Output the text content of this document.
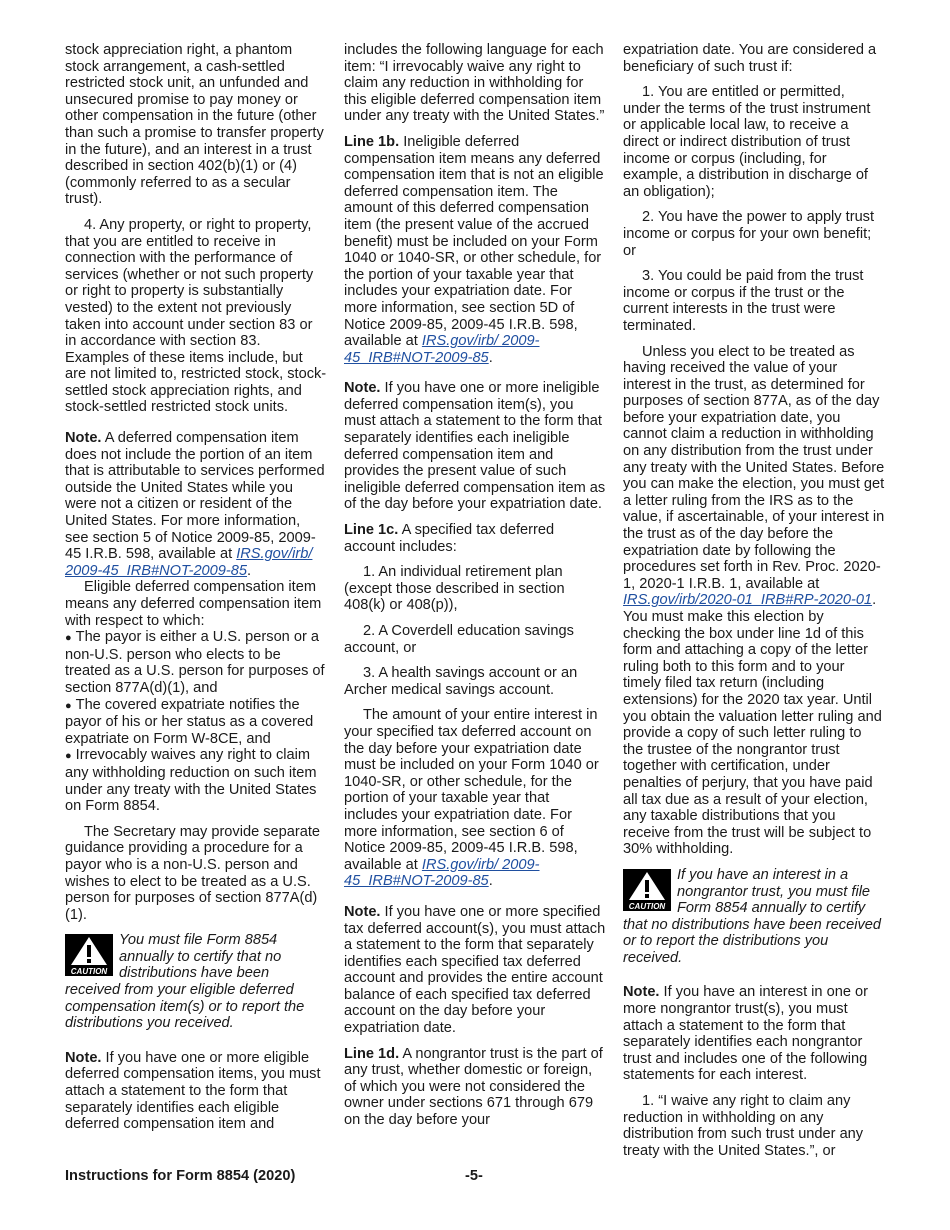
stock appreciation right, a phantom stock arrangement, a cash-settled restricted stock unit, an unfunded and unsecured promise to pay money or other compensation in the future (other than such a promise to transfer property in the future), and an interest in a trust described in section 402(b)(1) or (4) (commonly referred to as a secular trust).

4. Any property, or right to property, that you are entitled to receive in connection with the performance of services (whether or not such property or right to property is substantially vested) to the extent not previously taken into account under section 83 or in accordance with section 83. Examples of these items include, but are not limited to, restricted stock, stock-settled stock appreciation rights, and stock-settled restricted stock units.

Note. A deferred compensation item does not include the portion of an item that is attributable to services performed outside the United States while you were not a citizen or resident of the United States. For more information, see section 5 of Notice 2009-85, 2009-45 I.R.B. 598, available at IRS.gov/irb/ 2009-45_IRB#NOT-2009-85.

Eligible deferred compensation item means any deferred compensation item with respect to which:

● The payor is either a U.S. person or a non-U.S. person who elects to be treated as a U.S. person for purposes of section 877A(d)(1), and

● The covered expatriate notifies the payor of his or her status as a covered expatriate on Form W-8CE, and

● Irrevocably waives any right to claim any withholding reduction on such item under any treaty with the United States on Form 8854.

The Secretary may provide separate guidance providing a procedure for a payor who is a non-U.S. person and wishes to elect to be treated as a U.S. person for purposes of section 877A(d)(1).

CAUTION
You must file Form 8854 annually to certify that no distributions have been received from your eligible deferred compensation item(s) or to report the distributions you received.

Note. If you have one or more eligible deferred compensation items, you must attach a statement to the form that separately identifies each eligible deferred compensation item and

includes the following language for each item: “I irrevocably waive any right to claim any reduction in withholding for this eligible deferred compensation item under any treaty with the United States.”

Line 1b. Ineligible deferred compensation item means any deferred compensation item that is not an eligible deferred compensation item. The amount of this deferred compensation item (the present value of the accrued benefit) must be included on your Form 1040 or 1040-SR, or other schedule, for the portion of your taxable year that includes your expatriation date. For more information, see section 5D of Notice 2009-85, 2009-45 I.R.B. 598, available at IRS.gov/irb/ 2009-45_IRB#NOT-2009-85.

Note. If you have one or more ineligible deferred compensation item(s), you must attach a statement to the form that separately identifies each ineligible deferred compensation item and provides the present value of such ineligible deferred compensation item as of the day before your expatriation date.

Line 1c. A specified tax deferred account includes:

1. An individual retirement plan (except those described in section 408(k) or 408(p)),

2. A Coverdell education savings account, or

3. A health savings account or an Archer medical savings account.

The amount of your entire interest in your specified tax deferred account on the day before your expatriation date must be included on your Form 1040 or 1040-SR, or other schedule, for the portion of your taxable year that includes your expatriation date. For more information, see section 6 of Notice 2009-85, 2009-45 I.R.B. 598, available at IRS.gov/irb/ 2009-45_IRB#NOT-2009-85.

Note. If you have one or more specified tax deferred account(s), you must attach a statement to the form that separately identifies each specified tax deferred account and provides the entire account balance of each specified tax deferred account on the day before your expatriation date.

Line 1d. A nongrantor trust is the part of any trust, whether domestic or foreign, of which you were not considered the owner under sections 671 through 679 on the day before your

expatriation date. You are considered a beneficiary of such trust if:

1. You are entitled or permitted, under the terms of the trust instrument or applicable local law, to receive a direct or indirect distribution of trust income or corpus (including, for example, a distribution in discharge of an obligation);

2. You have the power to apply trust income or corpus for your own benefit; or

3. You could be paid from the trust income or corpus if the trust or the current interests in the trust were terminated.

Unless you elect to be treated as having received the value of your interest in the trust, as determined for purposes of section 877A, as of the day before your expatriation date, you cannot claim a reduction in withholding on any distribution from the trust under any treaty with the United States. Before you can make the election, you must get a letter ruling from the IRS as to the value, if ascertainable, of your interest in the trust as of the day before the expatriation date by following the procedures set forth in Rev. Proc. 2020-1, 2020-1 I.R.B. 1, available at IRS.gov/irb/2020-01_IRB#RP-2020-01. You must make this election by checking the box under line 1d of this form and attaching a copy of the letter ruling both to this form and to your timely filed tax return (including extensions) for the 2020 tax year. Until you obtain the valuation letter ruling and provide a copy of such letter ruling to the trustee of the nongrantor trust together with certification, under penalties of perjury, that you have paid all tax due as a result of your election, any taxable distributions that you receive from the trust will be subject to 30% withholding.

CAUTION
If you have an interest in a nongrantor trust, you must file Form 8854 annually to certify that no distributions have been received or to report the distributions you received.

Note. If you have an interest in one or more nongrantor trust(s), you must attach a statement to the form that separately identifies each nongrantor trust and includes one of the following statements for each interest.

1. “I waive any right to claim any reduction in withholding on any distribution from such trust under any treaty with the United States.”, or

Instructions for Form 8854 (2020)	-5-
